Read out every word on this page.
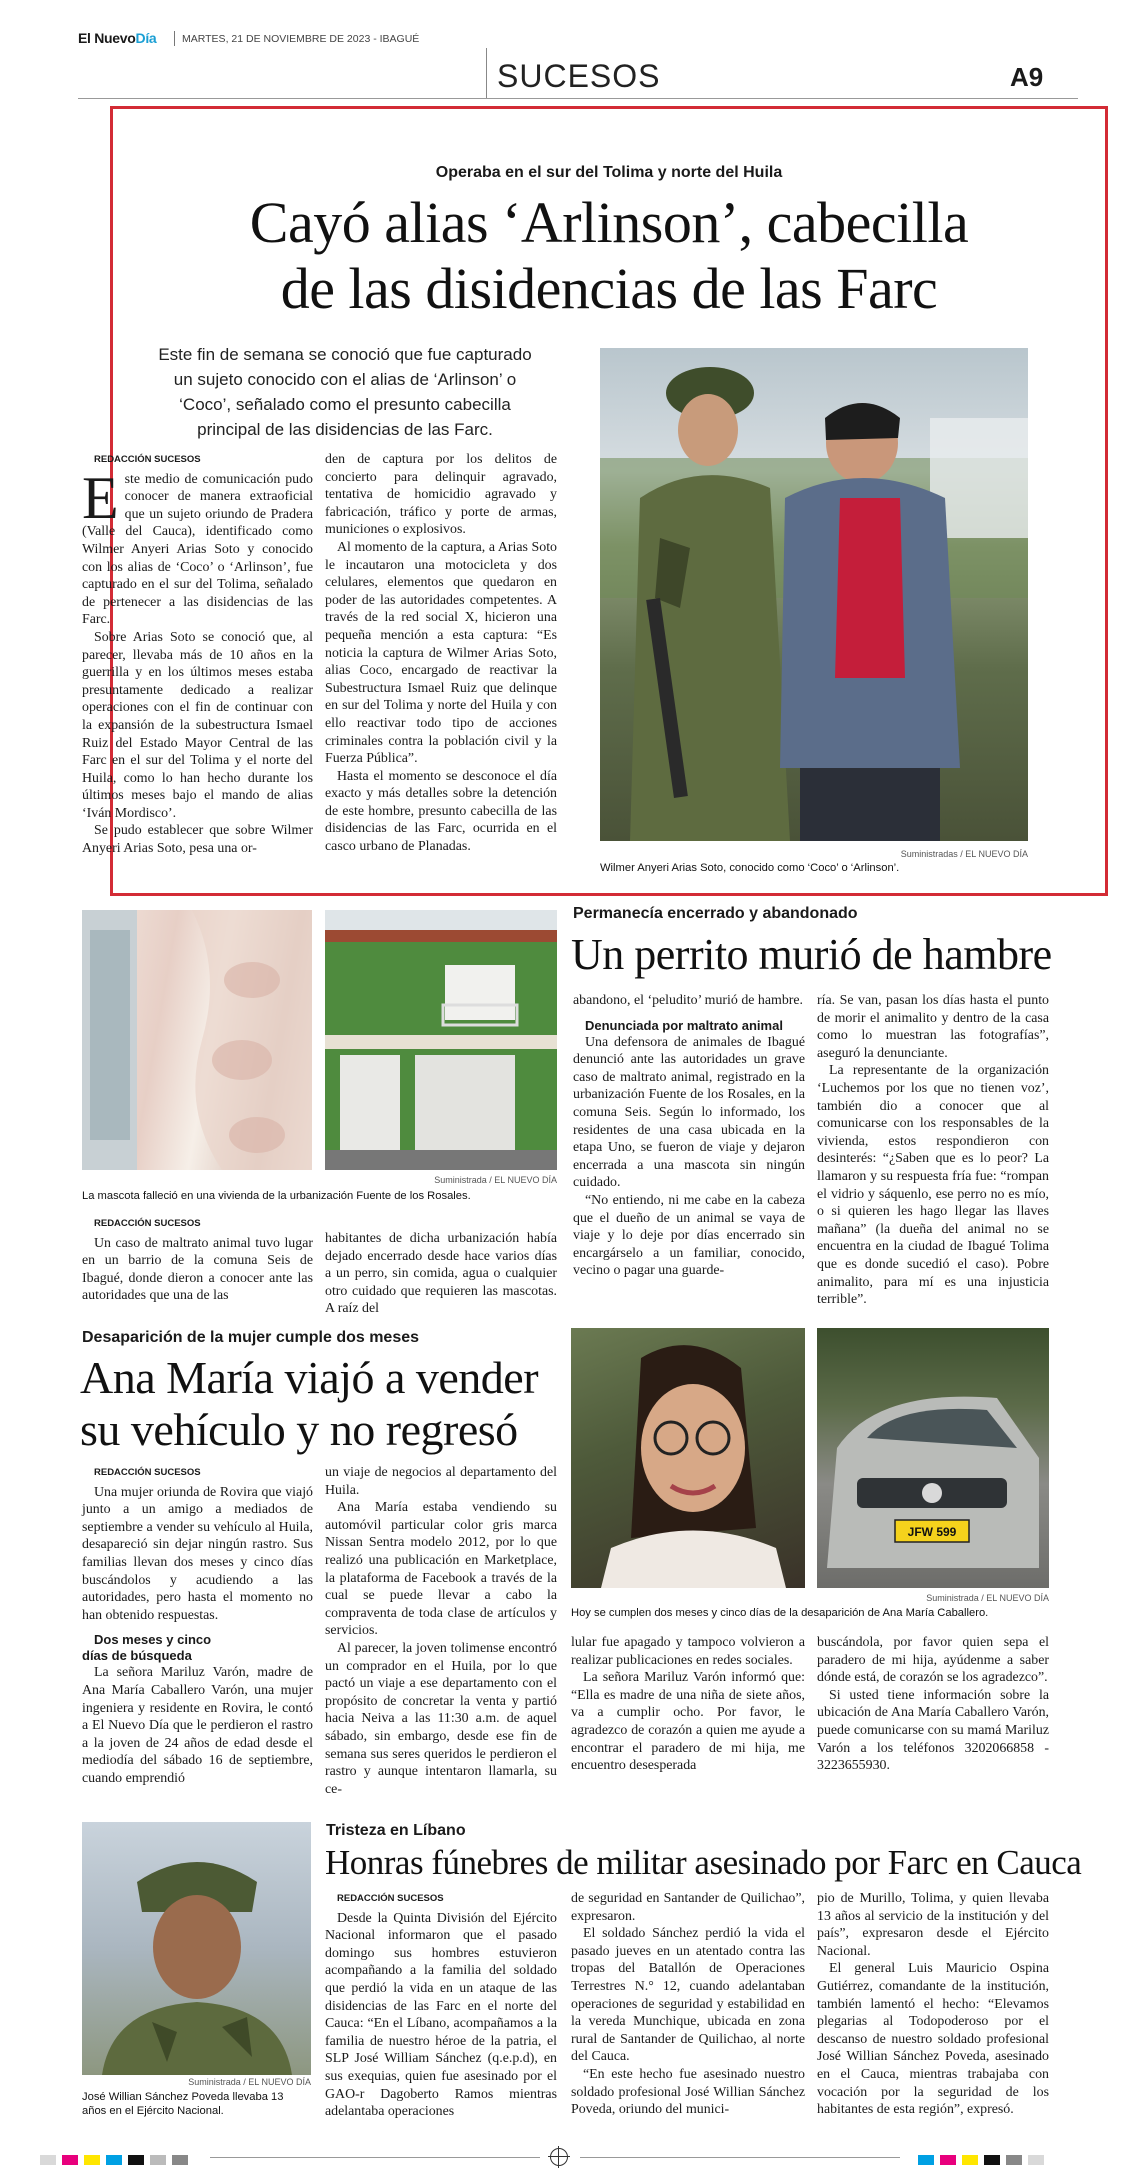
El NuevoDía MARTES, 21 DE NOVIEMBRE DE 2023 - IBAGUÉ
SUCESOS	A9
Operaba en el sur del Tolima y norte del Huila
Cayó alias ‘Arlinson’, cabecilla
de las disidencias de las Farc
Este fin de semana se conoció que fue capturado
un sujeto conocido con el alias de ‘Arlinson’ o
‘Coco’, señalado como el presunto cabecilla
principal de las disidencias de las Farc.

REDACCIÓN SUCESOS

Este medio de comunicación pudo conocer de manera extraoficial que un sujeto oriundo de Pradera (Valle del Cauca), identificado como Wilmer Anyeri Arias Soto y conocido con los alias de ‘Coco’ o ‘Arlinson’, fue capturado en el sur del Tolima, señalado de pertenecer a las disidencias de las Farc.

Sobre Arias Soto se conoció que, al parecer, llevaba más de 10 años en la guerrilla y en los últimos meses estaba presuntamente dedicado a realizar operaciones con el fin de continuar con la expansión de la subestructura Ismael Ruiz del Estado Mayor Central de las Farc en el sur del Tolima y el norte del Huila, como lo han hecho durante los últimos meses bajo el mando de alias ‘Iván Mordisco’.

Se pudo establecer que sobre Wilmer Anyeri Arias Soto, pesa una or-

den de captura por los delitos de concierto para delinquir agravado, tentativa de homicidio agravado y fabricación, tráfico y porte de armas, municiones o explosivos.

Al momento de la captura, a Arias Soto le incautaron una motocicleta y dos celulares, elementos que quedaron en poder de las autoridades competentes. A través de la red social X, hicieron una pequeña mención a esta captura: “Es noticia la captura de Wilmer Arias Soto, alias Coco, encargado de reactivar la Subestructura Ismael Ruiz que delinque en sur del Tolima y norte del Huila y con ello reactivar todo tipo de acciones criminales contra la población civil y la Fuerza Pública”.

Hasta el momento se desconoce el día exacto y más detalles sobre la detención de este hombre, presunto cabecilla de las disidencias de las Farc, ocurrida en el casco urbano de Planadas.	Suministradas / EL NUEVO DÍA
Wilmer Anyeri Arias Soto, conocido como ‘Coco’ o ‘Arlinson’.
Suministrada / EL NUEVO DÍA
La mascota falleció en una vivienda de la urbanización Fuente de los Rosales.
Permanecía encerrado y abandonado
Un perrito murió de hambre

REDACCIÓN SUCESOS

Un caso de maltrato animal tuvo lugar en un barrio de la comuna Seis de Ibagué, donde dieron a conocer ante las autoridades que una de las

habitantes de dicha urbanización había dejado encerrado desde hace varios días a un perro, sin comida, agua o cualquier otro cuidado que requieren las mascotas. A raíz del

abandono, el ‘peludito’ murió de hambre.

Denunciada por maltrato animal

Una defensora de animales de Ibagué denunció ante las autoridades un grave caso de maltrato animal, registrado en la urbanización Fuente de los Rosales, en la comuna Seis. Según lo informado, los residentes de una casa ubicada en la etapa Uno, se fueron de viaje y dejaron encerrada a una mascota sin ningún cuidado.

“No entiendo, ni me cabe en la cabeza que el dueño de un animal se vaya de viaje y lo deje por días encerrado sin encargárselo a un familiar, conocido, vecino o pagar una guarde-

ría. Se van, pasan los días hasta el punto de morir el animalito y dentro de la casa como lo muestran las fotografías”, aseguró la denunciante.

La representante de la organización ‘Luchemos por los que no tienen voz’, también dio a conocer que al comunicarse con los responsables de la vivienda, estos respondieron con desinterés: “¿Saben que es lo peor? La llamaron y su respuesta fría fue: “rompan el vidrio y sáquenlo, ese perro no es mío, o si quieren les hago llegar las llaves mañana” (la dueña del animal no se encuentra en la ciudad de Ibagué Tolima que es donde sucedió el caso). Pobre animalito, para mí es una injusticia terrible”.

Desaparición de la mujer cumple dos meses
Ana María viajó a vender
su vehículo y no regresó

REDACCIÓN SUCESOS

Una mujer oriunda de Rovira que viajó junto a un amigo a mediados de septiembre a vender su vehículo al Huila, desapareció sin dejar ningún rastro. Sus familias llevan dos meses y cinco días buscándolos y acudiendo a las autoridades, pero hasta el momento no han obtenido respuestas.

Dos meses y cinco
días de búsqueda

La señora Mariluz Varón, madre de Ana María Caballero Varón, una mujer ingeniera y residente en Rovira, le contó a El Nuevo Día que le perdieron el rastro a la joven de 24 años de edad desde el mediodía del sábado 16 de septiembre, cuando emprendió

un viaje de negocios al departamento del Huila.

Ana María estaba vendiendo su automóvil particular color gris marca Nissan Sentra modelo 2012, por lo que realizó una publicación en Marketplace, la plataforma de Facebook a través de la cual se puede llevar a cabo la compraventa de toda clase de artículos y servicios.

Al parecer, la joven tolimense encontró un comprador en el Huila, por lo que pactó un viaje a ese departamento con el propósito de concretar la venta y partió hacia Neiva a las 11:30 a.m. de aquel sábado, sin embargo, desde ese fin de semana sus seres queridos le perdieron el rastro y aunque intentaron llamarla, su ce-

JFW 599
Suministrada / EL NUEVO DÍA
Hoy se cumplen dos meses y cinco días de la desaparición de Ana María Caballero.

lular fue apagado y tampoco volvieron a realizar publicaciones en redes sociales.

La señora Mariluz Varón informó que: “Ella es madre de una niña de siete años, va a cumplir ocho. Por favor, le agradezco de corazón a quien me ayude a encontrar el paradero de mi hija, me encuentro desesperada

buscándola, por favor quien sepa el paradero de mi hija, ayúdenme a saber dónde está, de corazón se los agradezco”.

Si usted tiene información sobre la ubicación de Ana María Caballero Varón, puede comunicarse con su mamá Mariluz Varón a los teléfonos 3202066858 - 3223655930.

Suministrada / EL NUEVO DÍA
José Willian Sánchez Poveda llevaba 13
años en el Ejército Nacional.
Tristeza en Líbano
Honras fúnebres de militar asesinado por Farc en Cauca

REDACCIÓN SUCESOS

Desde la Quinta División del Ejército Nacional informaron que el pasado domingo sus hombres estuvieron acompañando a la familia del soldado que perdió la vida en un ataque de las disidencias de las Farc en el norte del Cauca: “En el Líbano, acompañamos a la familia de nuestro héroe de la patria, el SLP José William Sánchez (q.e.p.d), en sus exequias, quien fue asesinado por el GAO-r Dagoberto Ramos mientras adelantaba operaciones

de seguridad en Santander de Quilichao”, expresaron.

El soldado Sánchez perdió la vida el pasado jueves en un atentado contra las tropas del Batallón de Operaciones Terrestres N.° 12, cuando adelantaban operaciones de seguridad y estabilidad en la vereda Munchique, ubicada en zona rural de Santander de Quilichao, al norte del Cauca.

“En este hecho fue asesinado nuestro soldado profesional José Willian Sánchez Poveda, oriundo del munici-

pio de Murillo, Tolima, y quien llevaba 13 años al servicio de la institución y del país”, expresaron desde el Ejército Nacional.

El general Luis Mauricio Ospina Gutiérrez, comandante de la institución, también lamentó el hecho: “Elevamos plegarias al Todopoderoso por el descanso de nuestro soldado profesional José Willian Sánchez Poveda, asesinado en el Cauca, mientras trabajaba con vocación por la seguridad de los habitantes de esta región”, expresó.
